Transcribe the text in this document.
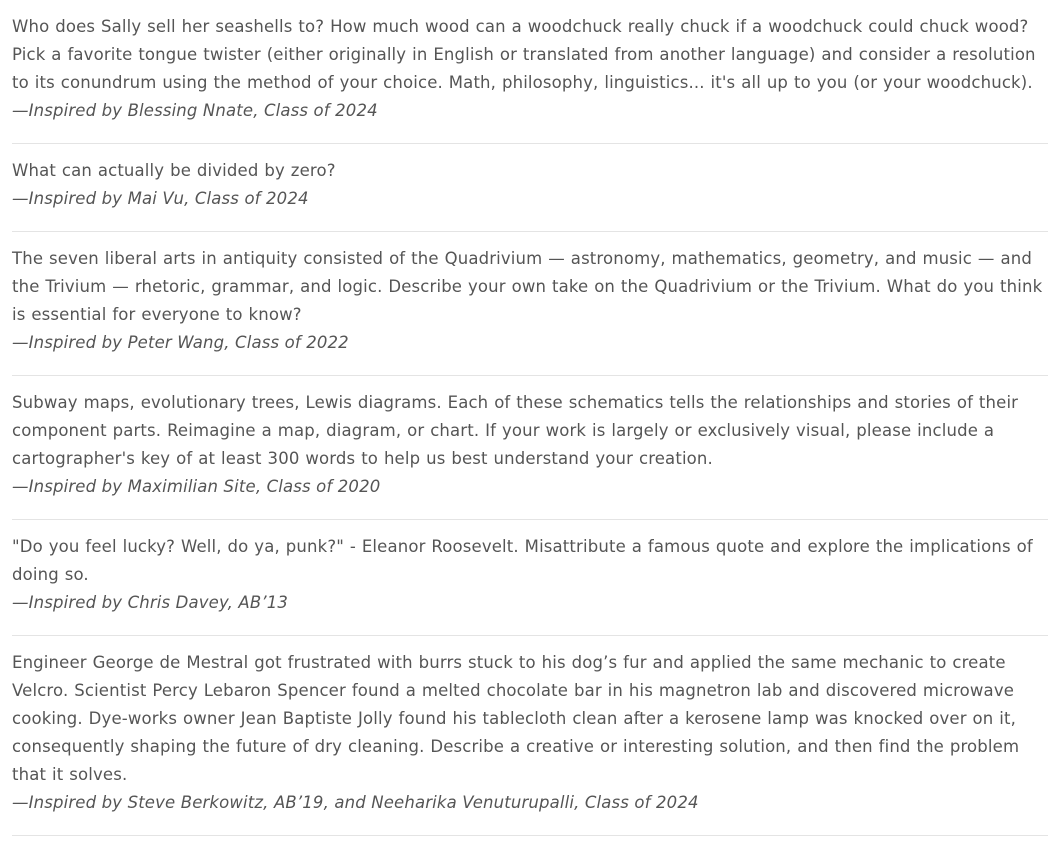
Who does Sally sell her seashells to? How much wood can a woodchuck really chuck if a woodchuck could chuck wood? Pick a favorite tongue twister (either originally in English or translated from another language) and consider a resolution to its conundrum using the method of your choice. Math, philosophy, linguistics... it's all up to you (or your woodchuck).

—Inspired by Blessing Nnate, Class of 2024

What can actually be divided by zero?

—Inspired by Mai Vu, Class of 2024

The seven liberal arts in antiquity consisted of the Quadrivium — astronomy, mathematics, geometry, and music — and the Trivium — rhetoric, grammar, and logic. Describe your own take on the Quadrivium or the Trivium. What do you think is essential for everyone to know?

—Inspired by Peter Wang, Class of 2022

Subway maps, evolutionary trees, Lewis diagrams. Each of these schematics tells the relationships and stories of their component parts. Reimagine a map, diagram, or chart. If your work is largely or exclusively visual, please include a cartographer's key of at least 300 words to help us best understand your creation.

—Inspired by Maximilian Site, Class of 2020

"Do you feel lucky? Well, do ya, punk?" - Eleanor Roosevelt. Misattribute a famous quote and explore the implications of doing so.

—Inspired by Chris Davey, AB’13

Engineer George de Mestral got frustrated with burrs stuck to his dog’s fur and applied the same mechanic to create Velcro. Scientist Percy Lebaron Spencer found a melted chocolate bar in his magnetron lab and discovered microwave cooking. Dye-works owner Jean Baptiste Jolly found his tablecloth clean after a kerosene lamp was knocked over on it, consequently shaping the future of dry cleaning. Describe a creative or interesting solution, and then find the problem that it solves.

—Inspired by Steve Berkowitz, AB’19, and Neeharika Venuturupalli, Class of 2024
